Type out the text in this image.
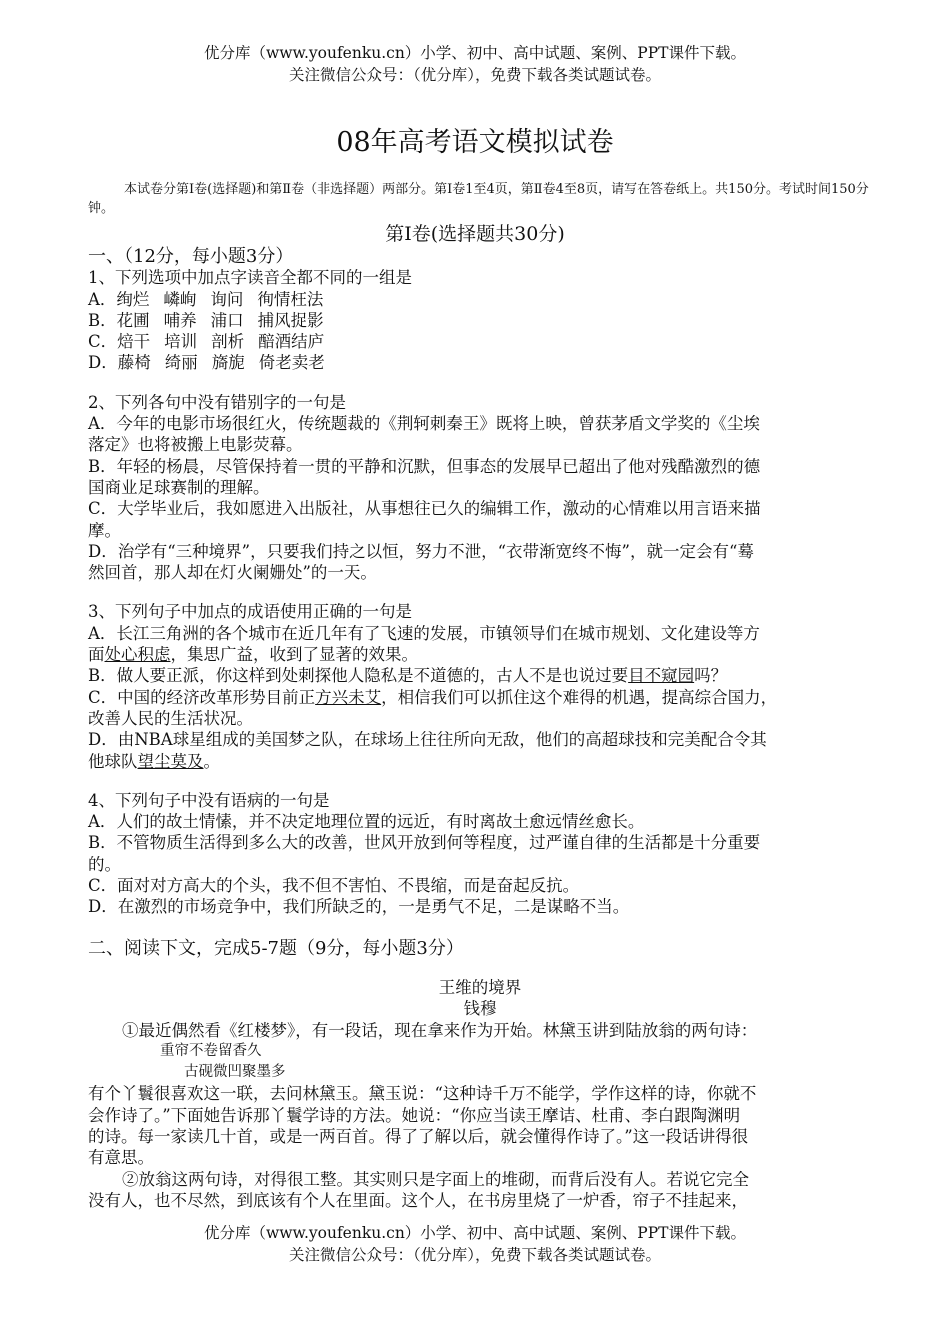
优分库（www.youfenku.cn）小学、初中、高中试题、案例、PPT课件下载。
关注微信公众号：（优分库），免费下载各类试题试卷。
08年高考语文模拟试卷
本试卷分第Ⅰ卷(选择题)和第Ⅱ卷（非选择题）两部分。第Ⅰ卷1至4页，第Ⅱ卷4至8页，请写在答卷纸上。共150分。考试时间150分钟。
第Ⅰ卷(选择题共30分)
一、（12分，每小题3分）
1、下列选项中加点字读音全都不同的一组是
A．绚烂 嶙峋 询问 徇情枉法
B．花圃 哺养 浦口 捕风捉影
C．焙干 培训 剖析 醅酒结庐
D．藤椅 绮丽 旖旎 倚老卖老
2、下列各句中没有错别字的一句是
A．今年的电影市场很红火，传统题裁的《荆轲刺秦王》既将上映，曾获茅盾文学奖的《尘埃
落定》也将被搬上电影荧幕。
B．年轻的杨晨，尽管保持着一贯的平静和沉默，但事态的发展早已超出了他对残酷激烈的德
国商业足球赛制的理解。
C．大学毕业后，我如愿进入出版社，从事想往已久的编辑工作，激动的心情难以用言语来描
摩。
D．治学有“三种境界”，只要我们持之以恒，努力不泄，“衣带渐宽终不悔”，就一定会有“蓦
然回首，那人却在灯火阑姗处”的一天。
3、下列句子中加点的成语使用正确的一句是
A．长江三角洲的各个城市在近几年有了飞速的发展，市镇领导们在城市规划、文化建设等方
面处心积虑，集思广益，收到了显著的效果。
B．做人要正派，你这样到处刺探他人隐私是不道德的，古人不是也说过要目不窥园吗？
C．中国的经济改革形势目前正方兴未艾，相信我们可以抓住这个难得的机遇，提高综合国力，
改善人民的生活状况。
D．由NBA球星组成的美国梦之队，在球场上往往所向无敌，他们的高超球技和完美配合令其
他球队望尘莫及。
4、下列句子中没有语病的一句是
A．人们的故土情愫，并不决定地理位置的远近，有时离故土愈远情丝愈长。
B．不管物质生活得到多么大的改善，世风开放到何等程度，过严谨自律的生活都是十分重要
的。
C．面对对方高大的个头，我不但不害怕、不畏缩，而是奋起反抗。
D．在激烈的市场竞争中，我们所缺乏的，一是勇气不足，二是谋略不当。
二、阅读下文，完成5-7题（9分，每小题3分）
王维的境界
钱穆
①最近偶然看《红楼梦》，有一段话，现在拿来作为开始。林黛玉讲到陆放翁的两句诗：
重帘不卷留香久
古砚微凹聚墨多
有个丫鬟很喜欢这一联，去问林黛玉。黛玉说：“这种诗千万不能学，学作这样的诗，你就不
会作诗了。”下面她告诉那丫鬟学诗的方法。她说：“你应当读王摩诘、杜甫、李白跟陶渊明
的诗。每一家读几十首，或是一两百首。得了了解以后，就会懂得作诗了。”这一段话讲得很
有意思。
②放翁这两句诗，对得很工整。其实则只是字面上的堆砌，而背后没有人。若说它完全
没有人，也不尽然，到底该有个人在里面。这个人，在书房里烧了一炉香，帘子不挂起来，
优分库（www.youfenku.cn）小学、初中、高中试题、案例、PPT课件下载。
关注微信公众号：（优分库），免费下载各类试题试卷。
